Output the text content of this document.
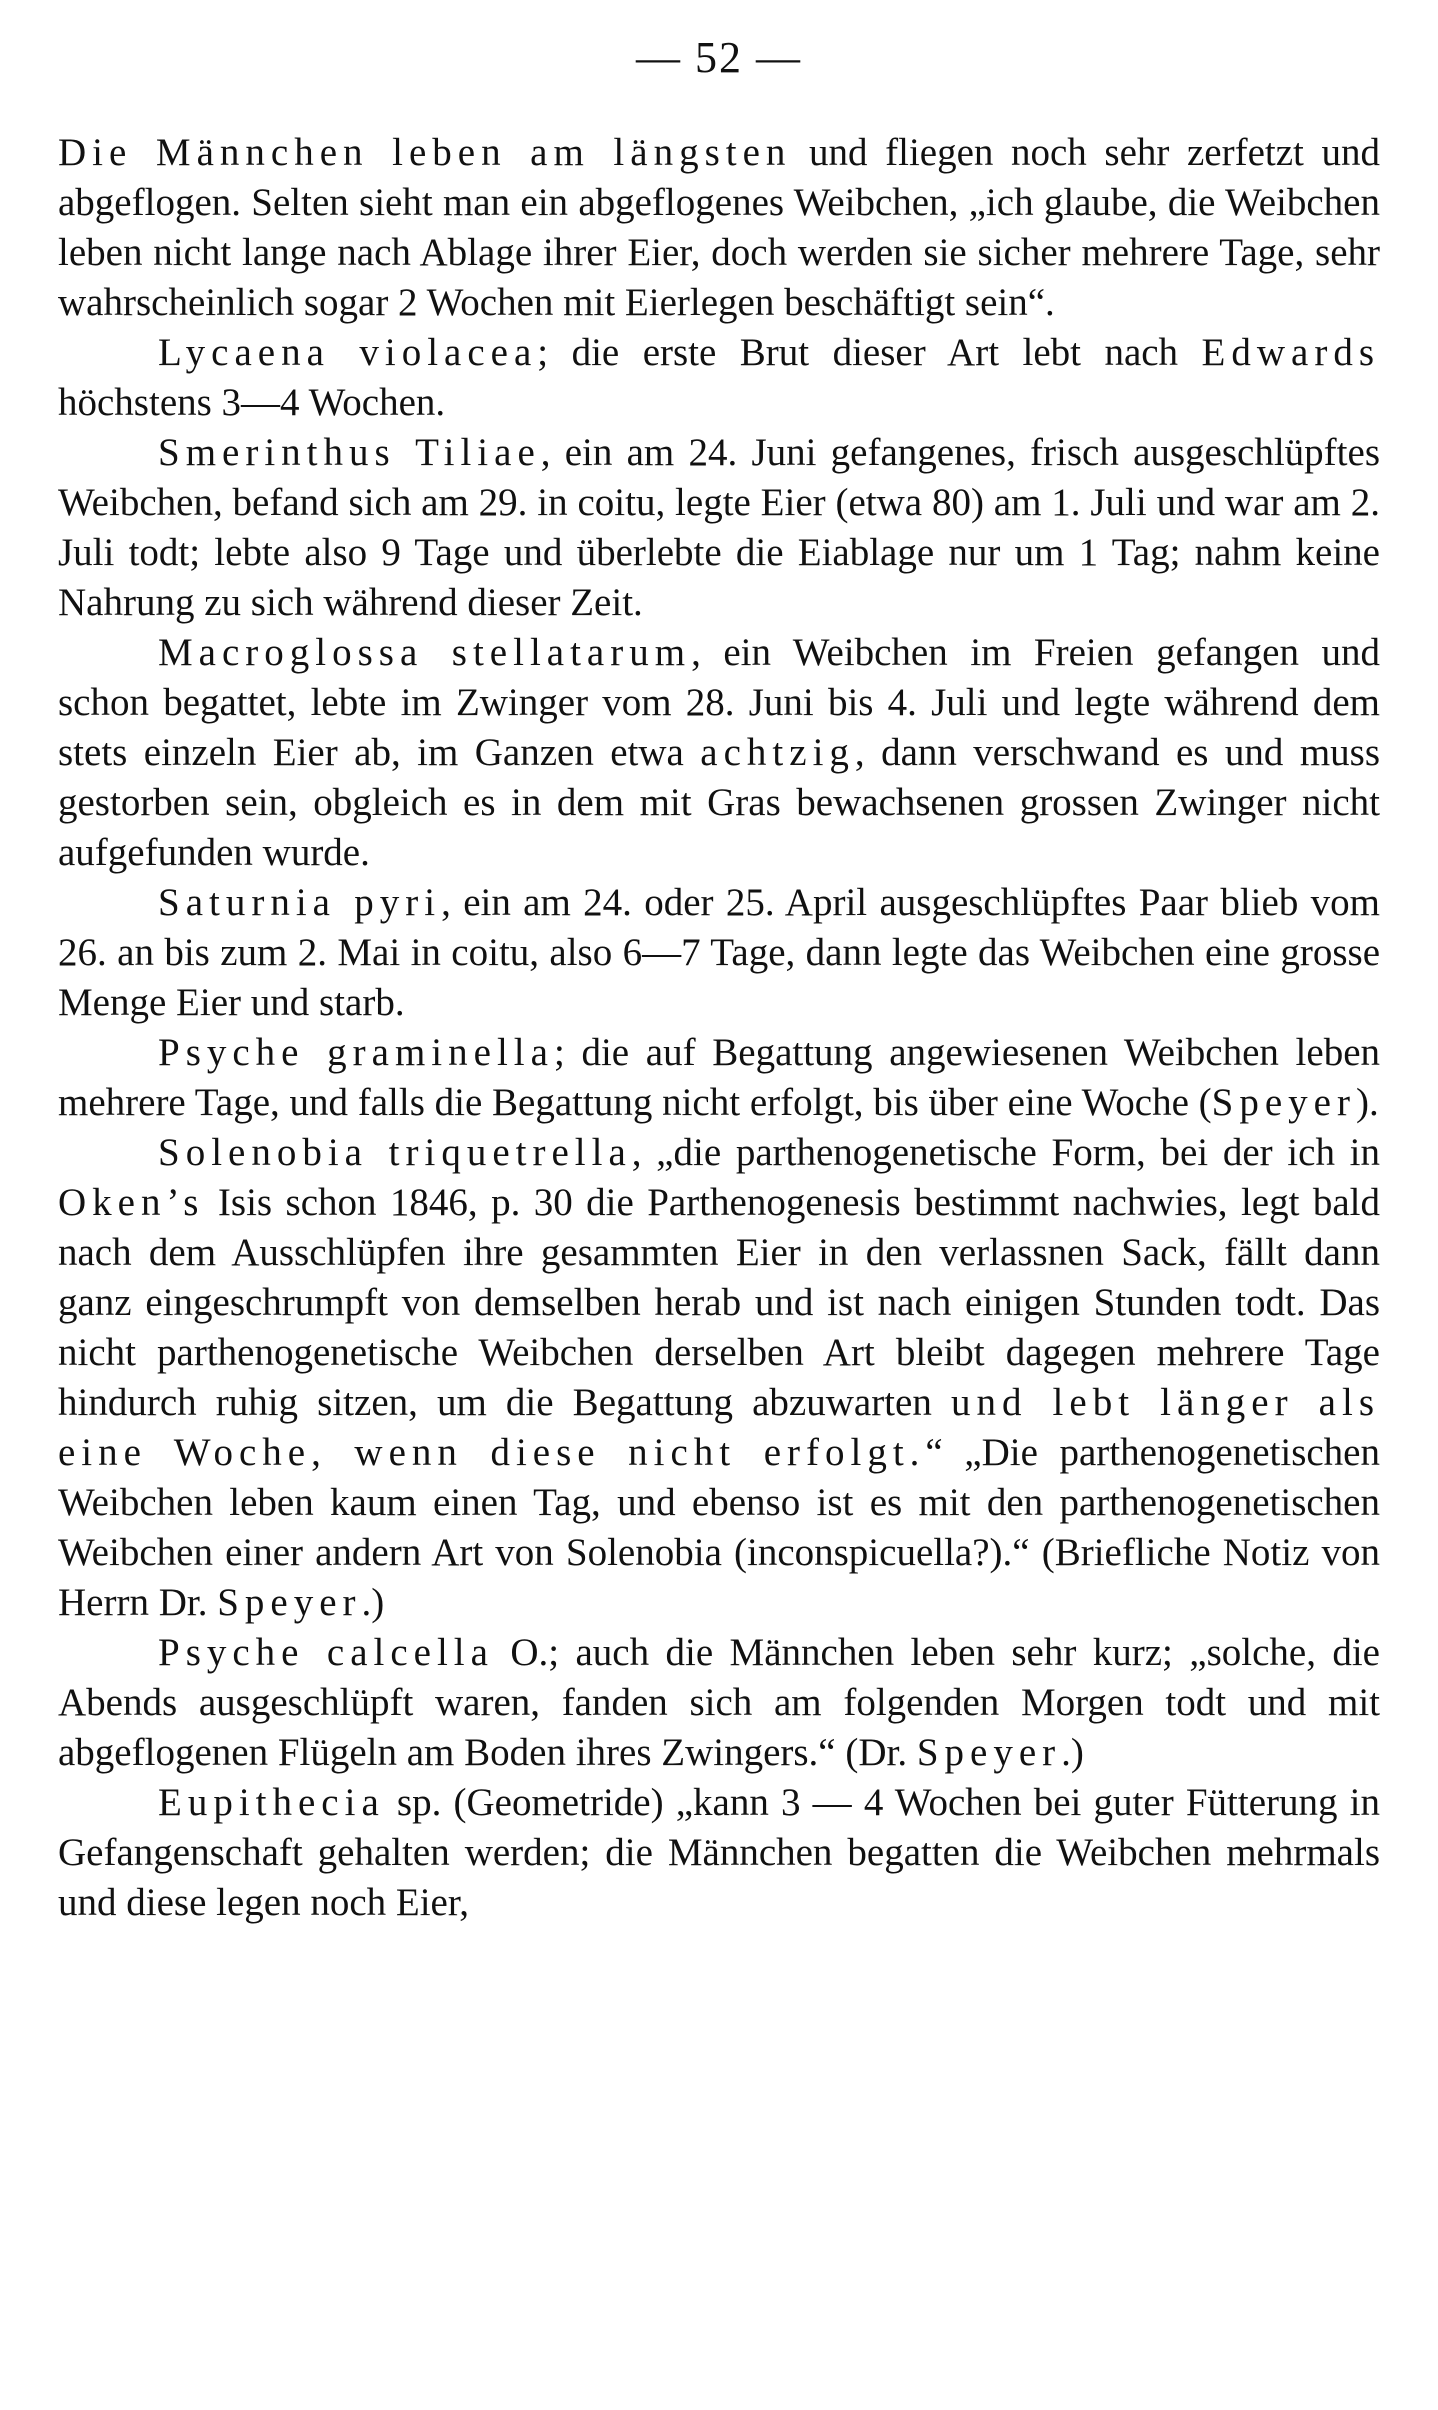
— 52 —

Die Männchen leben am längsten und fliegen noch sehr zerfetzt und abgeflogen. Selten sieht man ein abgeflogenes Weibchen, „ich glaube, die Weibchen leben nicht lange nach Ablage ihrer Eier, doch werden sie sicher mehrere Tage, sehr wahrscheinlich sogar 2 Wochen mit Eierlegen beschäftigt sein“.

Lycaena violacea; die erste Brut dieser Art lebt nach Edwards höchstens 3—4 Wochen.

Smerinthus Tiliae, ein am 24. Juni gefangenes, frisch ausgeschlüpftes Weibchen, befand sich am 29. in coitu, legte Eier (etwa 80) am 1. Juli und war am 2. Juli todt; lebte also 9 Tage und überlebte die Eiablage nur um 1 Tag; nahm keine Nahrung zu sich während dieser Zeit.

Macroglossa stellatarum, ein Weibchen im Freien gefangen und schon begattet, lebte im Zwinger vom 28. Juni bis 4. Juli und legte während dem stets einzeln Eier ab, im Ganzen etwa achtzig, dann verschwand es und muss gestorben sein, obgleich es in dem mit Gras bewachsenen grossen Zwinger nicht aufgefunden wurde.

Saturnia pyri, ein am 24. oder 25. April ausgeschlüpftes Paar blieb vom 26. an bis zum 2. Mai in coitu, also 6—7 Tage, dann legte das Weibchen eine grosse Menge Eier und starb.

Psyche graminella; die auf Begattung angewiesenen Weibchen leben mehrere Tage, und falls die Begattung nicht erfolgt, bis über eine Woche (Speyer).

Solenobia triquetrella, „die parthenogenetische Form, bei der ich in Oken’s Isis schon 1846, p. 30 die Parthenogenesis bestimmt nachwies, legt bald nach dem Ausschlüpfen ihre gesammten Eier in den verlassnen Sack, fällt dann ganz eingeschrumpft von demselben herab und ist nach einigen Stunden todt. Das nicht parthenogenetische Weibchen derselben Art bleibt dagegen mehrere Tage hindurch ruhig sitzen, um die Begattung abzuwarten und lebt länger als eine Woche, wenn diese nicht erfolgt.“ „Die parthenogenetischen Weibchen leben kaum einen Tag, und ebenso ist es mit den parthenogenetischen Weibchen einer andern Art von Solenobia (inconspicuella?).“ (Briefliche Notiz von Herrn Dr. Speyer.)

Psyche calcella O.; auch die Männchen leben sehr kurz; „solche, die Abends ausgeschlüpft waren, fanden sich am folgenden Morgen todt und mit abgeflogenen Flügeln am Boden ihres Zwingers.“ (Dr. Speyer.)

Eupithecia sp. (Geometride) „kann 3 — 4 Wochen bei guter Fütterung in Gefangenschaft gehalten werden; die Männchen begatten die Weibchen mehrmals und diese legen noch Eier,
